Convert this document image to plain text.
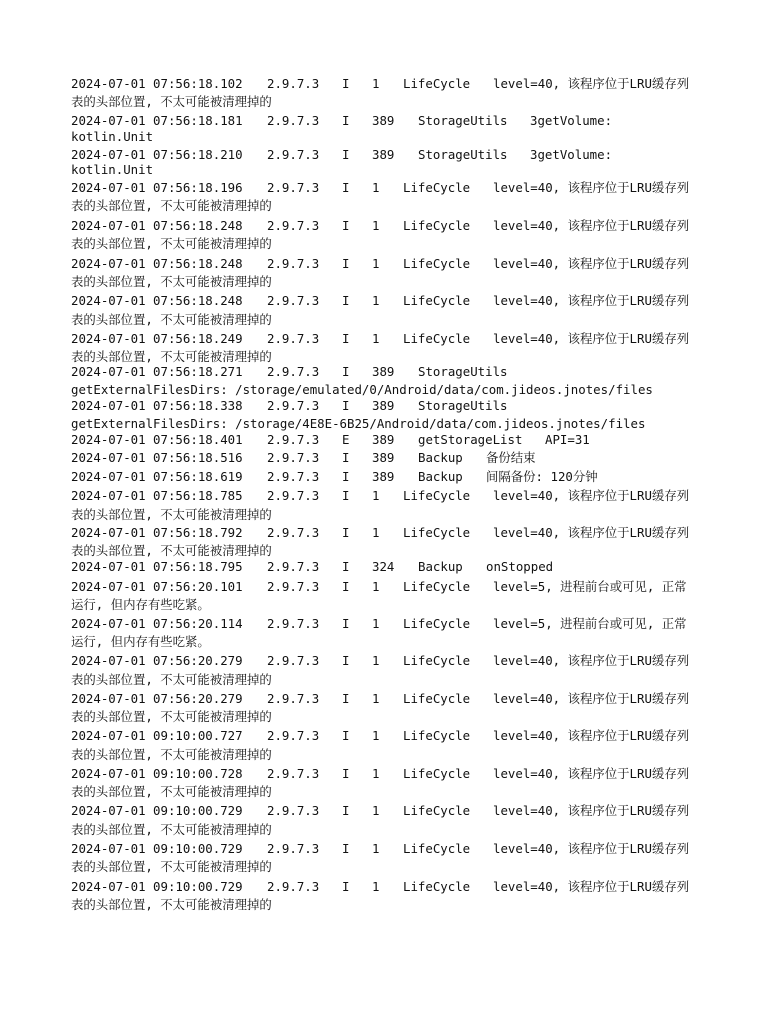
2024-07-01 07:56:18.102

2.9.7.3

I

1

LifeCycle

level=40, 该程序位于LRU缓存列

表的头部位置, 不太可能被清理掉的

2024-07-01 07:56:18.181

2.9.7.3

I

389

StorageUtils

3getVolume:

kotlin.Unit

2024-07-01 07:56:18.210

2.9.7.3

I

389

StorageUtils

3getVolume:

kotlin.Unit

2024-07-01 07:56:18.196

2.9.7.3

I

1

LifeCycle

level=40, 该程序位于LRU缓存列

表的头部位置, 不太可能被清理掉的

2024-07-01 07:56:18.248

2.9.7.3

I

1

LifeCycle

level=40, 该程序位于LRU缓存列

表的头部位置, 不太可能被清理掉的

2024-07-01 07:56:18.248

2.9.7.3

I

1

LifeCycle

level=40, 该程序位于LRU缓存列

表的头部位置, 不太可能被清理掉的

2024-07-01 07:56:18.248

2.9.7.3

I

1

LifeCycle

level=40, 该程序位于LRU缓存列

表的头部位置, 不太可能被清理掉的

2024-07-01 07:56:18.249

2.9.7.3

I

1

LifeCycle

level=40, 该程序位于LRU缓存列

表的头部位置, 不太可能被清理掉的

2024-07-01 07:56:18.271

2.9.7.3

I

389

StorageUtils

getExternalFilesDirs: /storage/emulated/0/Android/data/com.jideos.jnotes/files

2024-07-01 07:56:18.338

2.9.7.3

I

389

StorageUtils

getExternalFilesDirs: /storage/4E8E-6B25/Android/data/com.jideos.jnotes/files

2024-07-01 07:56:18.401

2.9.7.3

E

389

getStorageList

API=31

2024-07-01 07:56:18.516

2.9.7.3

I

389

Backup

备份结束

2024-07-01 07:56:18.619

2.9.7.3

I

389

Backup

间隔备份: 120分钟

2024-07-01 07:56:18.785

2.9.7.3

I

1

LifeCycle

level=40, 该程序位于LRU缓存列

表的头部位置, 不太可能被清理掉的

2024-07-01 07:56:18.792

2.9.7.3

I

1

LifeCycle

level=40, 该程序位于LRU缓存列

表的头部位置, 不太可能被清理掉的

2024-07-01 07:56:18.795

2.9.7.3

I

324

Backup

onStopped

2024-07-01 07:56:20.101

2.9.7.3

I

1

LifeCycle

level=5, 进程前台或可见, 正常

运行, 但内存有些吃紧。

2024-07-01 07:56:20.114

2.9.7.3

I

1

LifeCycle

level=5, 进程前台或可见, 正常

运行, 但内存有些吃紧。

2024-07-01 07:56:20.279

2.9.7.3

I

1

LifeCycle

level=40, 该程序位于LRU缓存列

表的头部位置, 不太可能被清理掉的

2024-07-01 07:56:20.279

2.9.7.3

I

1

LifeCycle

level=40, 该程序位于LRU缓存列

表的头部位置, 不太可能被清理掉的

2024-07-01 09:10:00.727

2.9.7.3

I

1

LifeCycle

level=40, 该程序位于LRU缓存列

表的头部位置, 不太可能被清理掉的

2024-07-01 09:10:00.728

2.9.7.3

I

1

LifeCycle

level=40, 该程序位于LRU缓存列

表的头部位置, 不太可能被清理掉的

2024-07-01 09:10:00.729

2.9.7.3

I

1

LifeCycle

level=40, 该程序位于LRU缓存列

表的头部位置, 不太可能被清理掉的

2024-07-01 09:10:00.729

2.9.7.3

I

1

LifeCycle

level=40, 该程序位于LRU缓存列

表的头部位置, 不太可能被清理掉的

2024-07-01 09:10:00.729

2.9.7.3

I

1

LifeCycle

level=40, 该程序位于LRU缓存列

表的头部位置, 不太可能被清理掉的
